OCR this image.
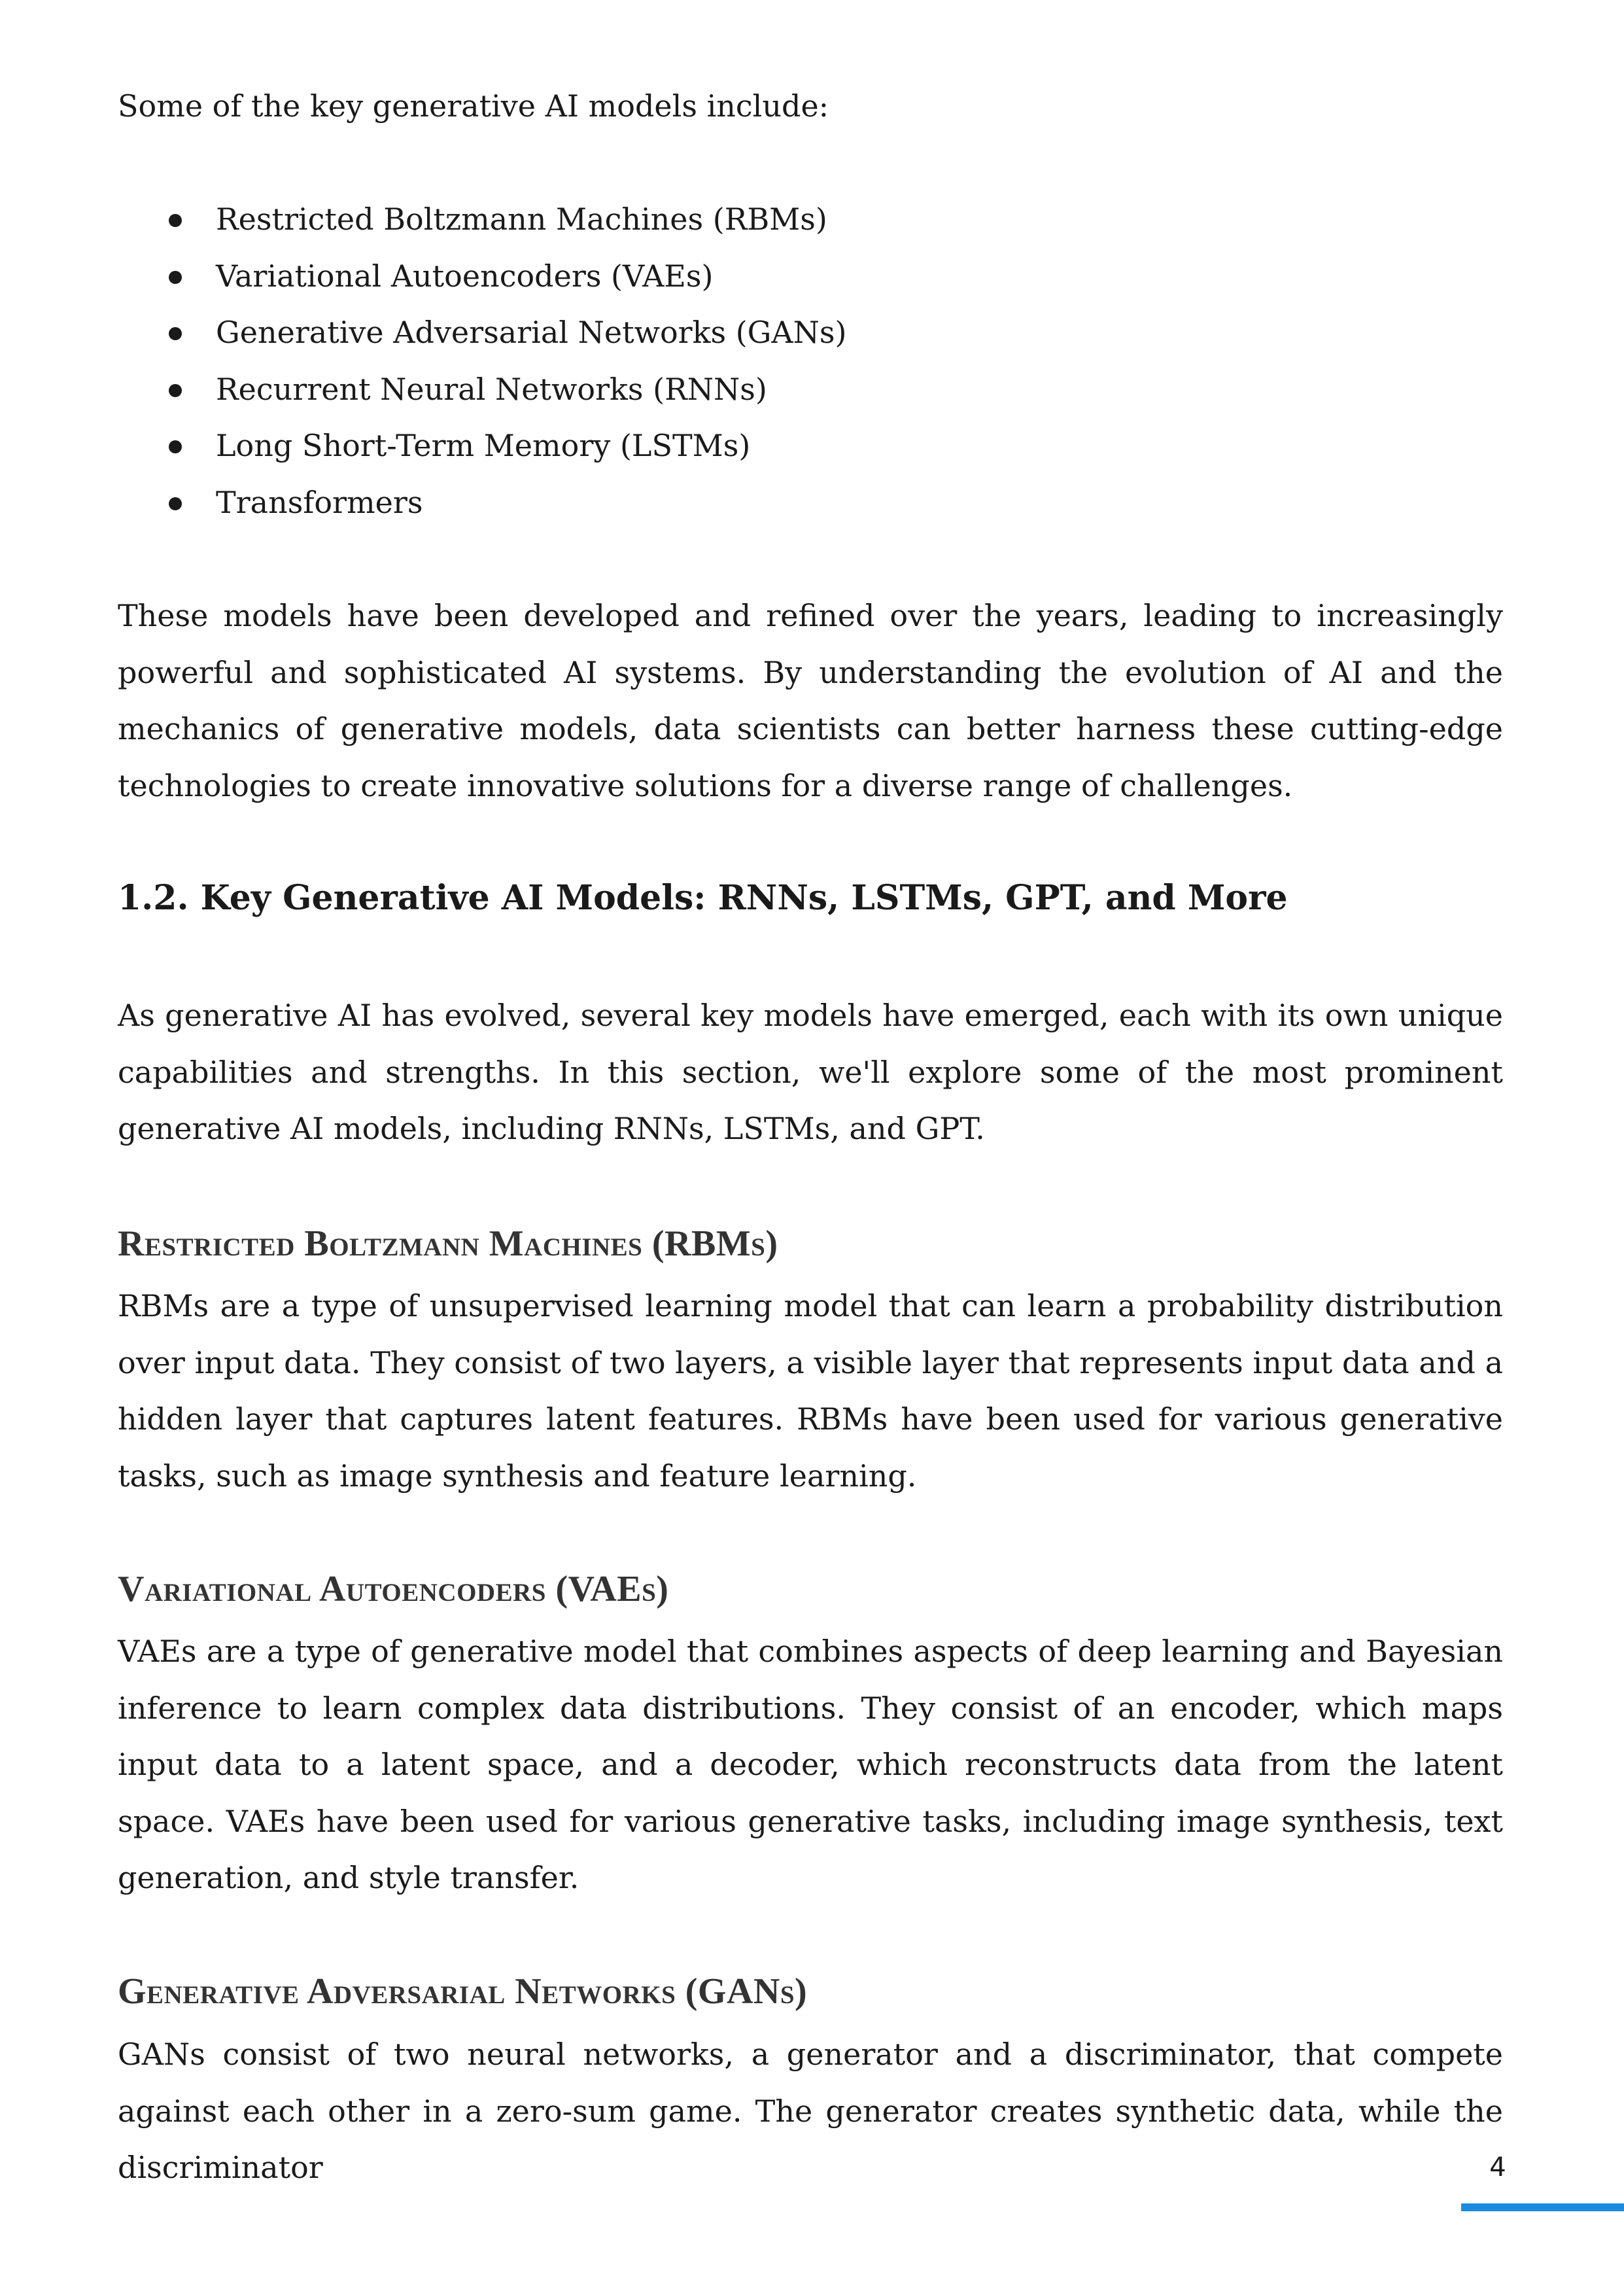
Some of the key generative AI models include:

Restricted Boltzmann Machines (RBMs)
Variational Autoencoders (VAEs)
Generative Adversarial Networks (GANs)
Recurrent Neural Networks (RNNs)
Long Short-Term Memory (LSTMs)
Transformers

These models have been developed and refined over the years, leading to increasingly powerful and sophisticated AI systems. By understanding the evolution of AI and the mechanics of generative models, data scientists can better harness these cutting-edge technologies to create innovative solutions for a diverse range of challenges.

1.2. Key Generative AI Models: RNNs, LSTMs, GPT, and More

As generative AI has evolved, several key models have emerged, each with its own unique capabilities and strengths. In this section, we'll explore some of the most prominent generative AI models, including RNNs, LSTMs, and GPT.

Restricted Boltzmann Machines (RBMs)

RBMs are a type of unsupervised learning model that can learn a probability distribution over input data. They consist of two layers, a visible layer that represents input data and a hidden layer that captures latent features. RBMs have been used for various generative tasks, such as image synthesis and feature learning.

Variational Autoencoders (VAEs)

VAEs are a type of generative model that combines aspects of deep learning and Bayesian inference to learn complex data distributions. They consist of an encoder, which maps input data to a latent space, and a decoder, which reconstructs data from the latent space. VAEs have been used for various generative tasks, including image synthesis, text generation, and style transfer.

Generative Adversarial Networks (GANs)

GANs consist of two neural networks, a generator and a discriminator, that compete against each other in a zero-sum game. The generator creates synthetic data, while the discriminator	4
